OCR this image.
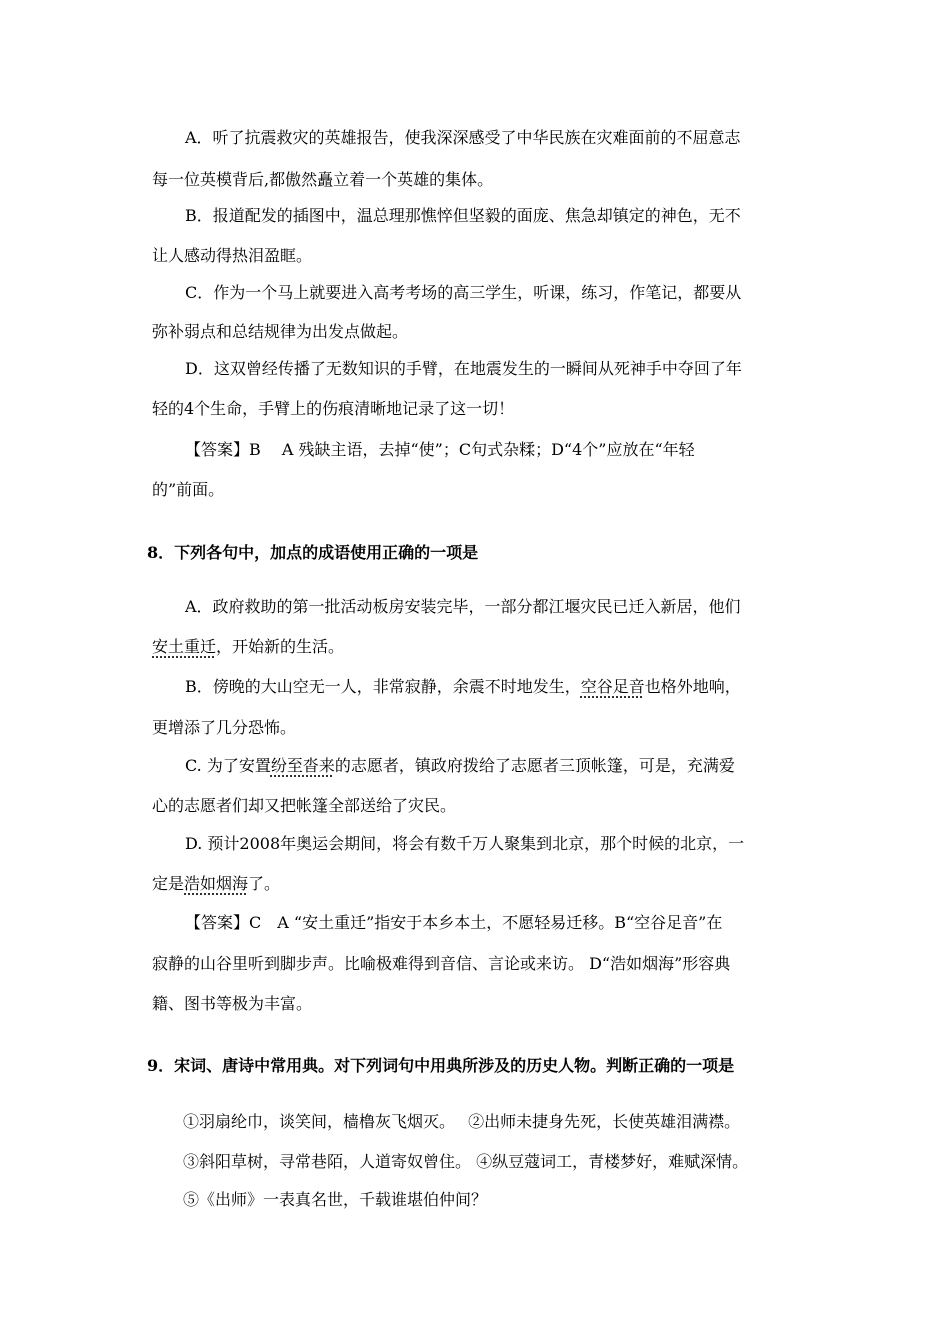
A．听了抗震救灾的英雄报告，使我深深感受了中华民族在灾难面前的不屈意志
每一位英模背后,都傲然矗立着一个英雄的集体。
B．报道配发的插图中，温总理那憔悴但坚毅的面庞、焦急却镇定的神色，无不
让人感动得热泪盈眶。
C．作为一个马上就要进入高考考场的高三学生，听课，练习，作笔记，都要从
弥补弱点和总结规律为出发点做起。
D．这双曾经传播了无数知识的手臂，在地震发生的一瞬间从死神手中夺回了年
轻的4个生命，手臂上的伤痕清晰地记录了这一切！
【答案】B　 A 残缺主语，去掉“使”；C句式杂糅；D“4个”应放在“年轻
的”前面。
8．下列各句中，加点的成语使用正确的一项是
A．政府救助的第一批活动板房安装完毕，一部分都江堰灾民已迁入新居，他们
安土重迁，开始新的生活。
B．傍晚的大山空无一人，非常寂静，余震不时地发生，空谷足音也格外地响，
更增添了几分恐怖。
C. 为了安置纷至沓来的志愿者，镇政府拨给了志愿者三顶帐篷，可是，充满爱
心的志愿者们却又把帐篷全部送给了灾民。
D. 预计2008年奥运会期间，将会有数千万人聚集到北京，那个时候的北京，一
定是浩如烟海了。
【答案】C　A “安土重迁”指安于本乡本土，不愿轻易迁移。B“空谷足音”在
寂静的山谷里听到脚步声。比喻极难得到音信、言论或来访。 D“浩如烟海”形容典
籍、图书等极为丰富。
9．宋词、唐诗中常用典。对下列词句中用典所涉及的历史人物。判断正确的一项是
①羽扇纶巾，谈笑间，樯橹灰飞烟灭。　 ②出师未捷身先死，长使英雄泪满襟。
③斜阳草树，寻常巷陌，人道寄奴曾住。 ④纵豆蔻词工，青楼梦好，难赋深情。
⑤《出师》一表真名世，千载谁堪伯仲间？
